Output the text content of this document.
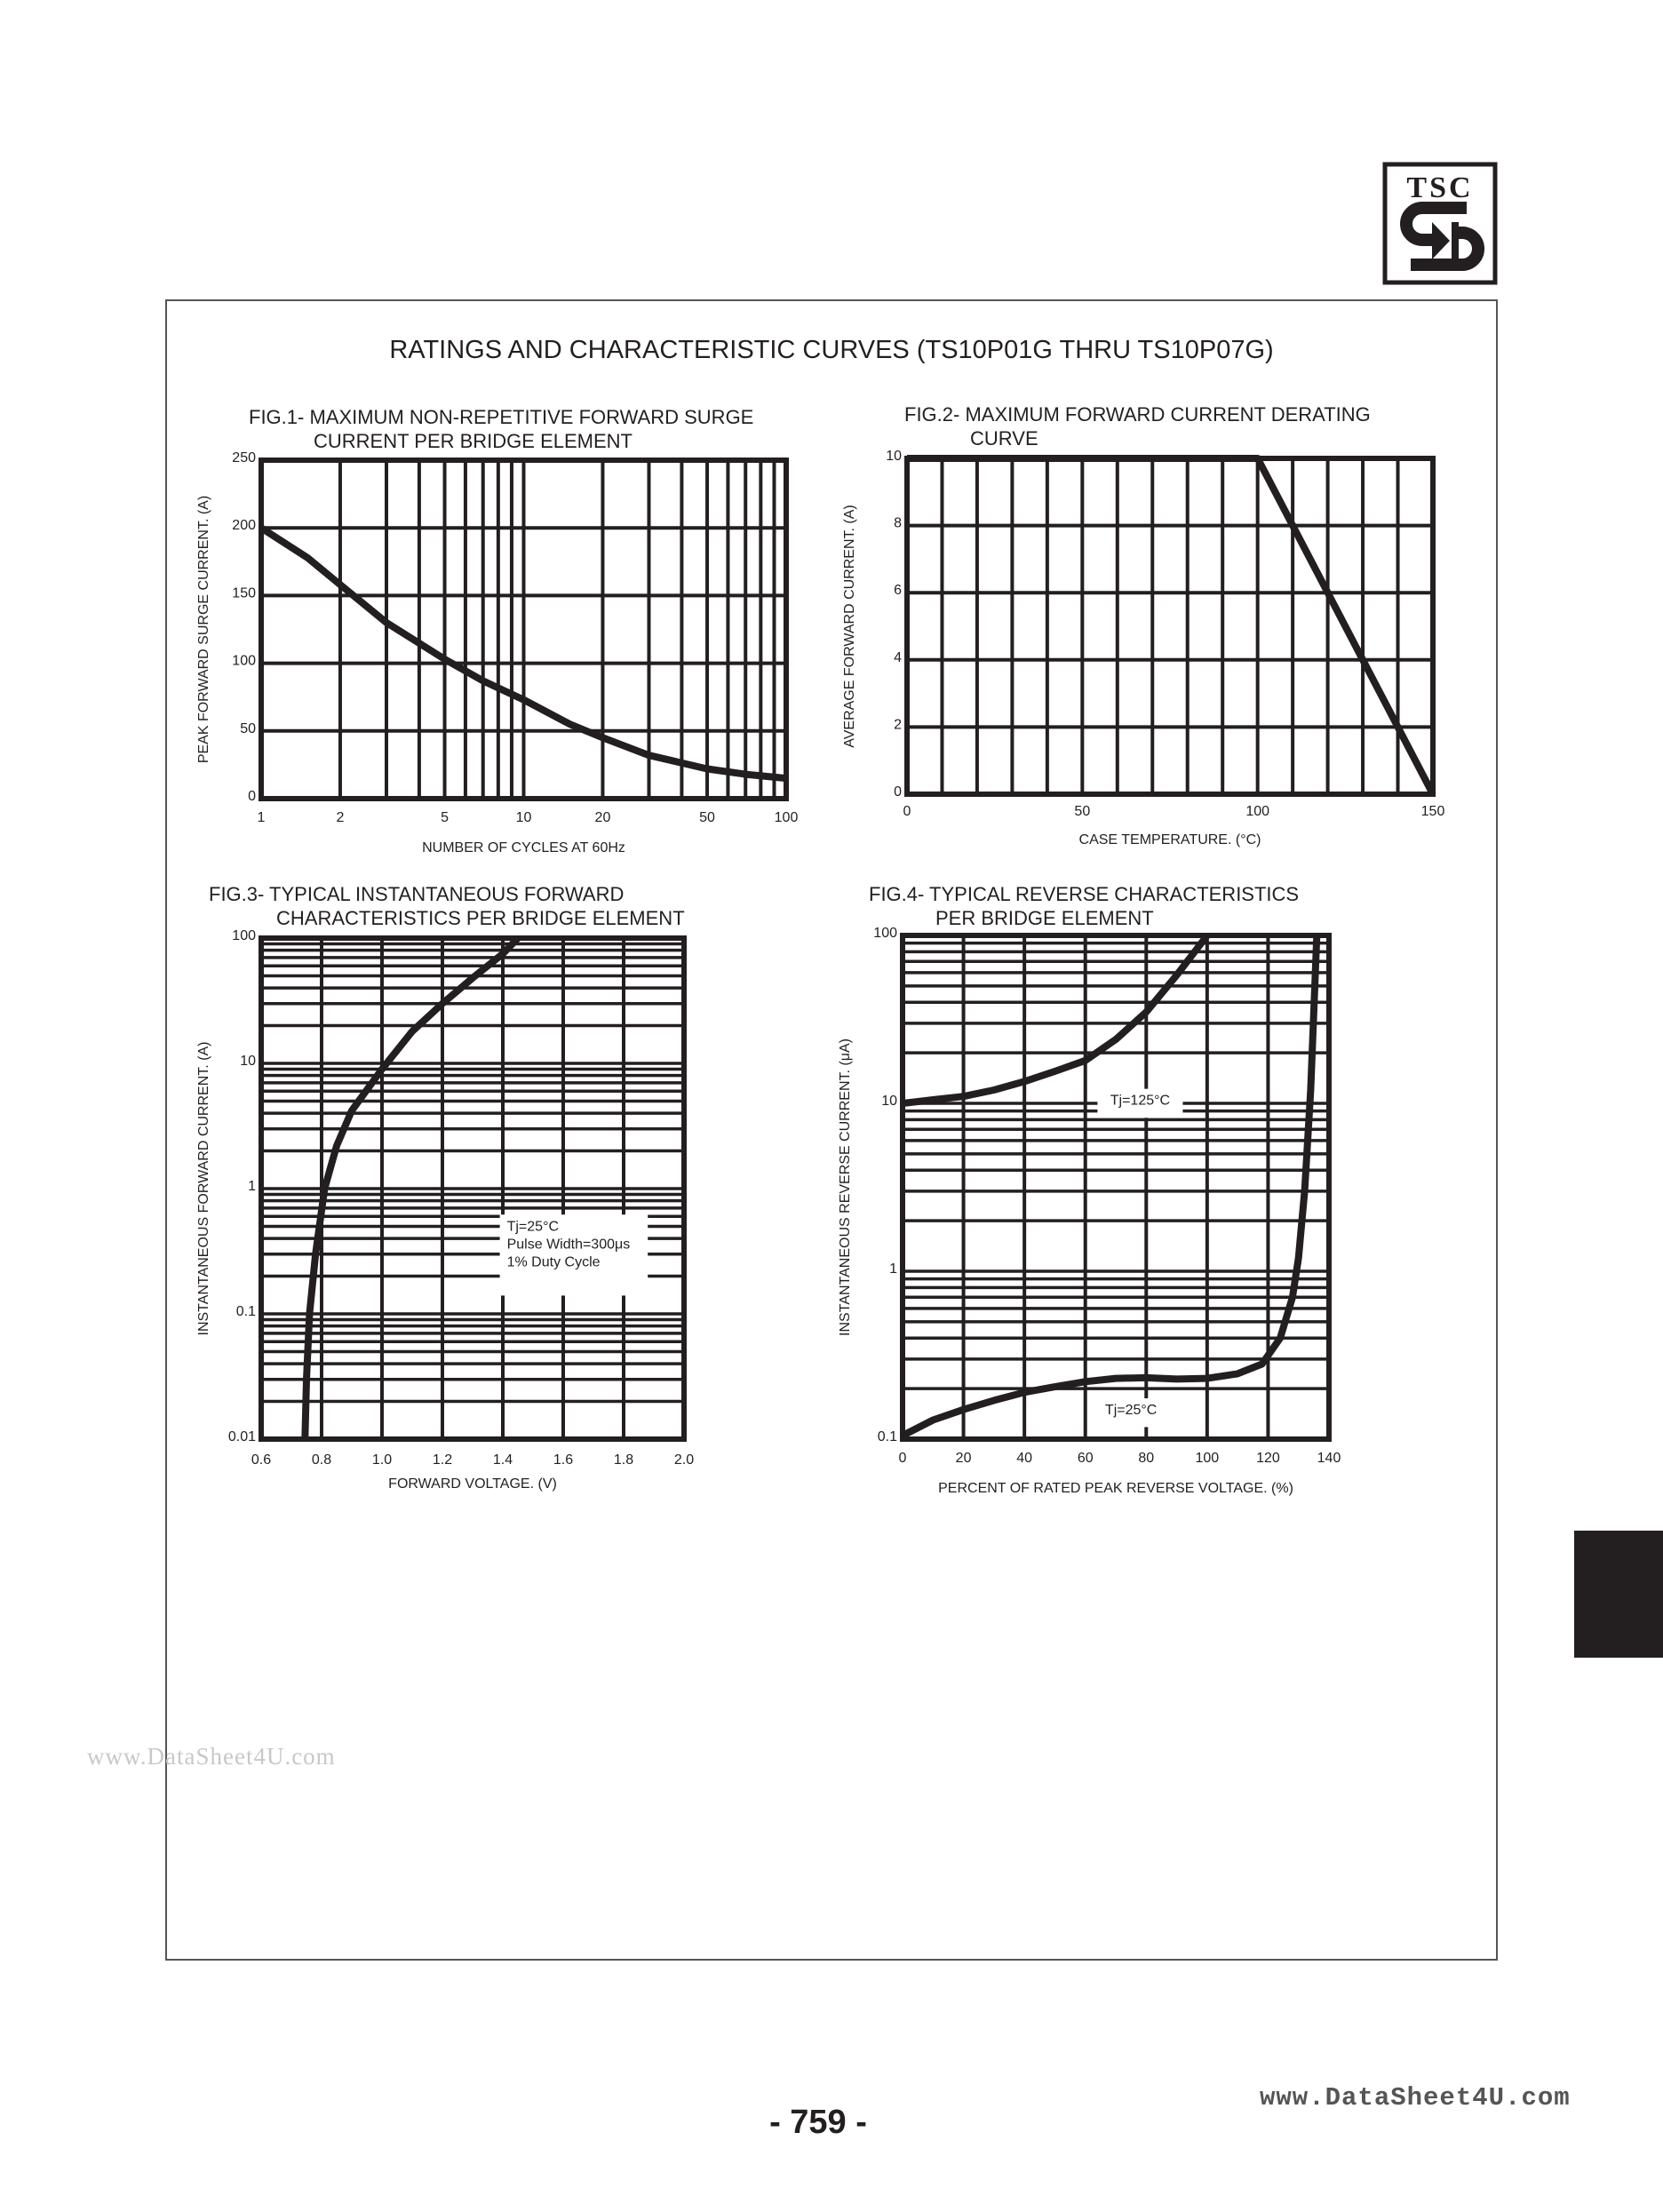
TSC
RATINGS AND CHARACTERISTIC CURVES (TS10P01G THRU TS10P07G)
FIG.1- MAXIMUM NON-REPETITIVE FORWARD SURGE
CURRENT PER BRIDGE ELEMENT
FIG.2- MAXIMUM FORWARD CURRENT DERATING
CURVE
FIG.3- TYPICAL INSTANTANEOUS FORWARD
CHARACTERISTICS PER BRIDGE ELEMENT
FIG.4- TYPICAL REVERSE CHARACTERISTICS
PER BRIDGE ELEMENT
1	2	5	10	20	50	100
0
50
100
150
200
250
NUMBER OF CYCLES AT 60Hz
PEAK FORWARD SURGE CURRENT. (A)
0	50	100	150
0
2
4
6
8
10
CASE TEMPERATURE. (°C)
AVERAGE FORWARD CURRENT. (A)
0.6	0.8	1.0	1.2	1.4	1.6	1.8	2.0
0.01
0.1
1
10
100
FORWARD VOLTAGE. (V)
INSTANTANEOUS FORWARD CURRENT. (A)	Tj=25°C
Pulse Width=300μs
1% Duty Cycle
0	20	40	60	80	100	120	140
0.1
1
10
100
PERCENT OF RATED PEAK REVERSE VOLTAGE. (%)
INSTANTANEOUS REVERSE CURRENT. (μA)	Tj=125°C
Tj=25°C
www.DataSheet4U.com
- 759 -
www.DataSheet4U.com
